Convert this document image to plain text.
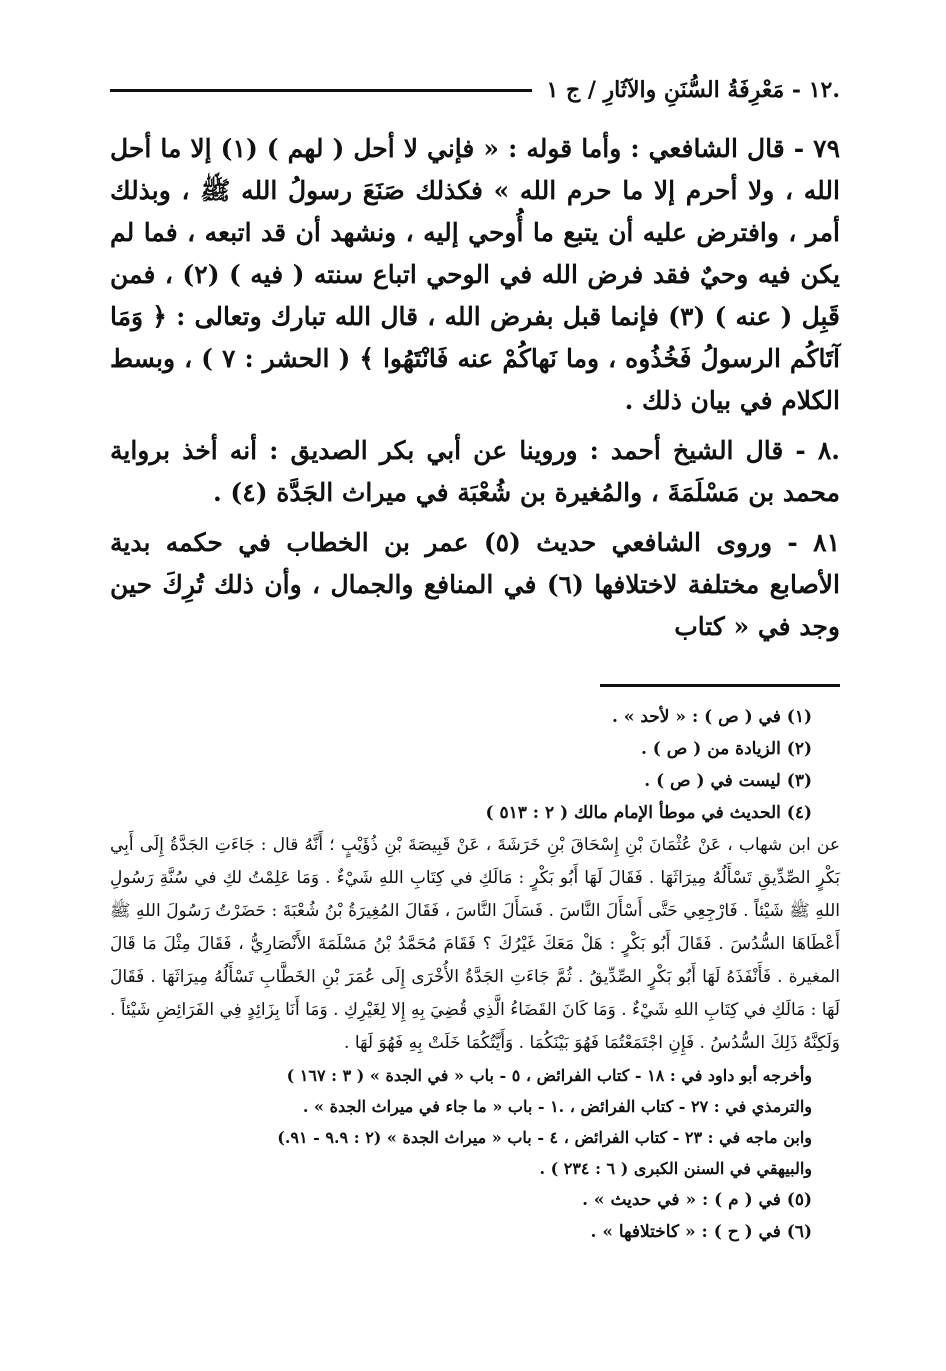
.١٢ - مَعْرِفَةُ السُّنَنِ والآثَارِ / ج ١

٧٩ - قال الشافعي : وأما قوله : « فإني لا أحل ( لهم ) (١) إلا ما أحل الله ، ولا أحرم إلا ما حرم الله » فكذلك صَنَعَ رسولُ الله ﷺ ، وبذلك أمر ، وافترض عليه أن يتبع ما أُوحي إليه ، ونشهد أن قد اتبعه ، فما لم يكن فيه وحيٌ فقد فرض الله في الوحي اتباع سنته ( فيه ) (٢) ، فمن قَبِل ( عنه ) (٣) فإنما قبل بفرض الله ، قال الله تبارك وتعالى : ﴿ وَمَا آتَاكُم الرسولُ فَخُذُوه ، وما نَهاكُمْ عنه فَانْتَهُوا ﴾ ( الحشر : ٧ ) ، وبسط الكلام في بيان ذلك .

.٨ - قال الشيخ أحمد : وروينا عن أبي بكر الصديق : أنه أخذ برواية محمد بن مَسْلَمَةَ ، والمُغيرة بن شُعْبَة في ميراث الجَدَّة (٤) .

٨١ - وروى الشافعي حديث (٥) عمر بن الخطاب في حكمه بدية الأصابع مختلفة لاختلافها (٦) في المنافع والجمال ، وأن ذلك تُرِكَ حين وجد في « كتاب

(١) في ( ص ) : « لأحد » .

(٢) الزيادة من ( ص ) .

(٣) ليست في ( ص ) .

(٤) الحديث في موطأ الإمام مالك ( ٢ : ٥١٣ )

عن ابن شهاب ، عَنْ عُثْمَانَ بْنِ إِسْحَاقَ بْنِ خَرَشَةَ ، عَنْ قَبِيصَةَ بْنِ ذُؤَيْبٍ ؛ أَنَّهُ قال : جَاءَتِ الجَدَّةُ إِلَى أَبِي بَكْرٍ الصِّدِّيقِ تَسْأَلُهُ مِيرَاثَهَا . فَقَالَ لَهَا أَبُو بَكْرٍ : مَالَكِ في كِتَابِ اللهِ شَيْءٌ . وَمَا عَلِمْتُ لكِ في سُنَّةِ رَسُولِ اللهِ ﷺ شَيْئاً . فَارْجِعِي حَتَّى أَسْأَلَ النَّاسَ . فَسَأَلَ النَّاسَ ، فَقَالَ المُغِيرَةُ بْنُ شُعْبَةَ : حَضَرْتُ رَسُولَ اللهِ ﷺ أَعْطَاهَا السُّدُسَ . فَقَالَ أَبُو بَكْرٍ : هَلْ مَعَكَ غَيْرُكَ ؟ فَقَامَ مُحَمَّدُ بْنُ مَسْلَمَةَ الأَنْصَارِيُّ ، فَقَالَ مِثْلَ مَا قَالَ المغيرة . فَأَنْفَذَهُ لَهَا أَبُو بَكْرٍ الصِّدِّيقُ . ثُمَّ جَاءَتِ الجَدَّةُ الأُخْرَى إِلَى عُمَرَ بْنِ الخَطَّابِ تَسْأَلُهُ مِيرَاثَهَا . فَقَالَ لَهَا : مَالَكِ في كِتَابِ اللهِ شَيْءٌ . وَمَا كَانَ القَضَاءُ الَّذِي قُضِيَ بِهِ إِلا لِغَيْرِكِ . وَمَا أَنَا بِزَائِدٍ فِي الفَرَائِضِ شَيْئاً . وَلَكِنَّهُ ذَلِكَ السُّدُسُ . فَإِنِ اجْتَمَعْتُمَا فَهُوَ بَيْنَكُمَا . وَأَيَّتُكُمَا خَلَتْ بِهِ فَهُوَ لَهَا .

وأخرجه أبو داود في : ١٨ - كتاب الفرائض ، ٥ - باب « في الجدة » ( ٣ : ١٦٧ )

والترمذي في : ٢٧ - كتاب الفرائض ، .١ - باب « ما جاء في ميراث الجدة » .

وابن ماجه في : ٢٣ - كتاب الفرائض ، ٤ - باب « ميراث الجدة » (٢ : ٩.٩ - ٩١.)

والبيهقي في السنن الكبرى ( ٦ : ٢٣٤ ) .

(٥) في ( م ) : « في حديث » .

(٦) في ( ح ) : « كاختلافها » .
